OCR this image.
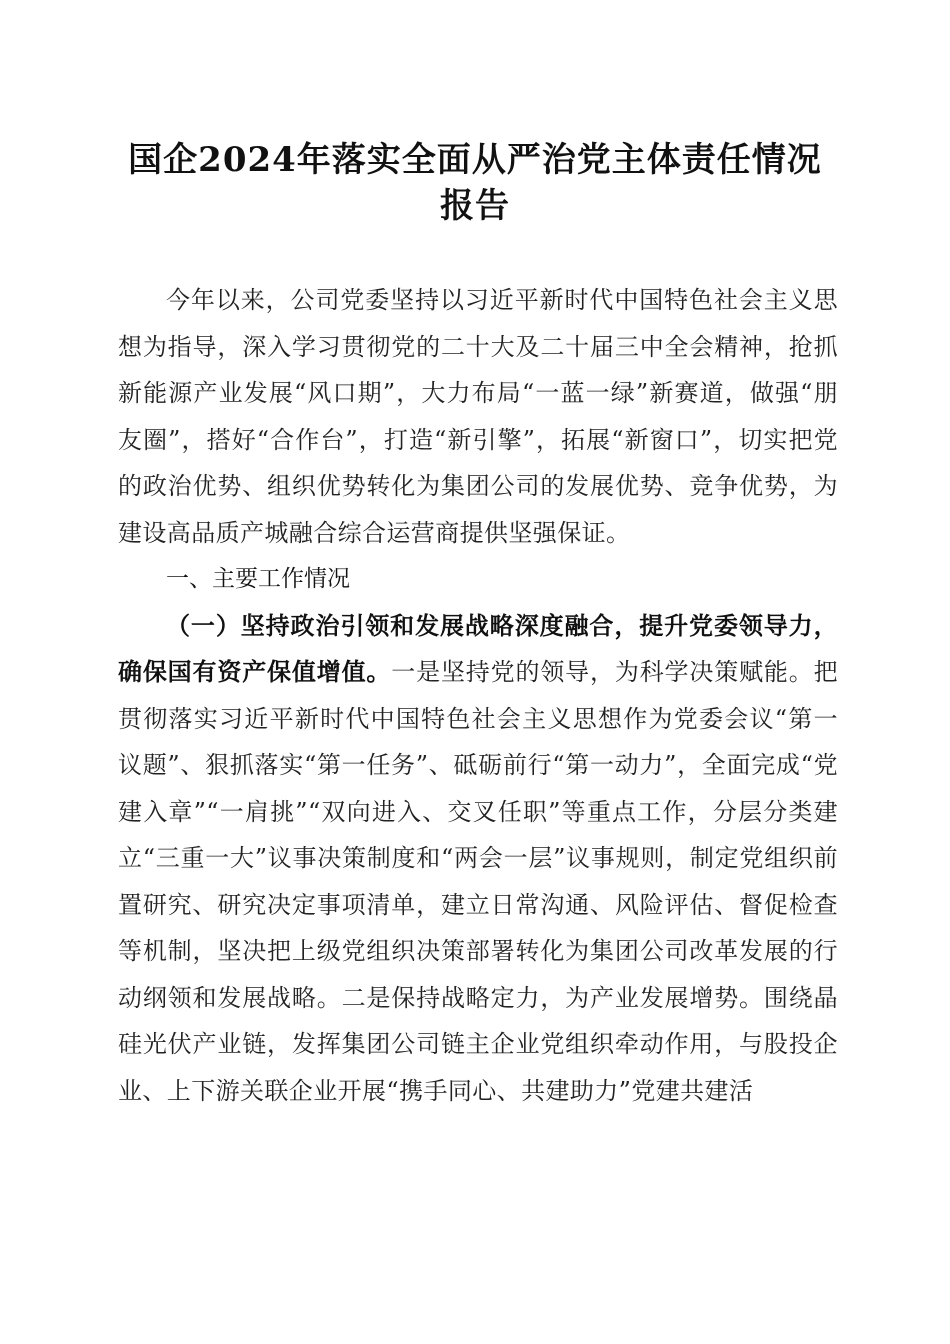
国企2024年落实全面从严治党主体责任情况
报告

今年以来，公司党委坚持以习近平新时代中国特色社会主义思想为指导，深入学习贯彻党的二十大及二十届三中全会精神，抢抓新能源产业发展“风口期”，大力布局“一蓝一绿”新赛道，做强“朋友圈”，搭好“合作台”，打造“新引擎”，拓展“新窗口”，切实把党的政治优势、组织优势转化为集团公司的发展优势、竞争优势，为建设高品质产城融合综合运营商提供坚强保证。

一、主要工作情况

（一）坚持政治引领和发展战略深度融合，提升党委领导力，确保国有资产保值增值。一是坚持党的领导，为科学决策赋能。把贯彻落实习近平新时代中国特色社会主义思想作为党委会议“第一议题”、狠抓落实“第一任务”、砥砺前行“第一动力”，全面完成“党建入章”“一肩挑”“双向进入、交叉任职”等重点工作，分层分类建立“三重一大”议事决策制度和“两会一层”议事规则，制定党组织前置研究、研究决定事项清单，建立日常沟通、风险评估、督促检查等机制，坚决把上级党组织决策部署转化为集团公司改革发展的行动纲领和发展战略。二是保持战略定力，为产业发展增势。围绕晶硅光伏产业链，发挥集团公司链主企业党组织牵动作用，与股投企业、上下游关联企业开展“携手同心、共建助力”党建共建活
